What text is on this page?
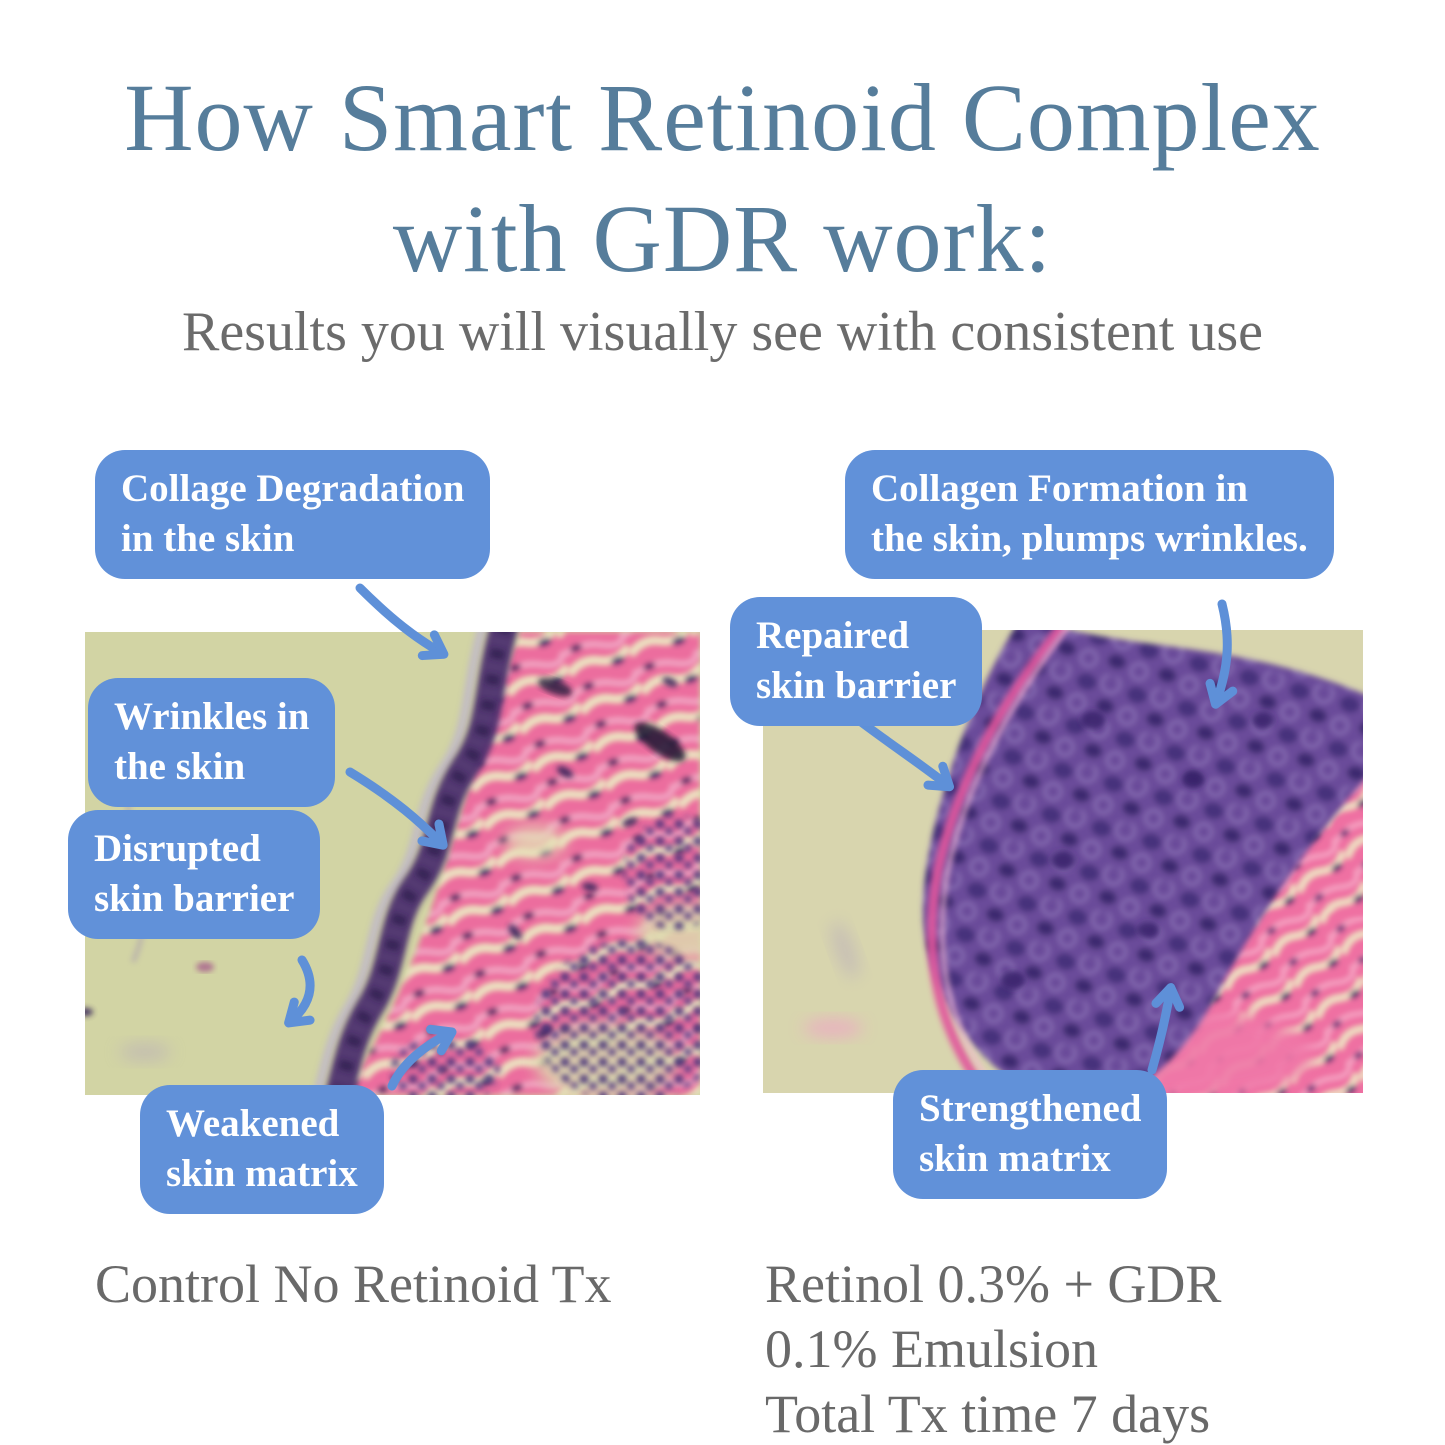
How Smart Retinoid Complex
with GDR work:
Results you will visually see with consistent use
Collage Degradation
in the skin
Wrinkles in
the skin
Disrupted
skin barrier
Weakened
skin matrix
Collagen Formation in
the skin, plumps wrinkles.
Repaired
skin barrier
Strengthened
skin matrix
Control No Retinoid Tx	Retinol 0.3% + GDR
0.1% Emulsion
Total Tx time 7 days
